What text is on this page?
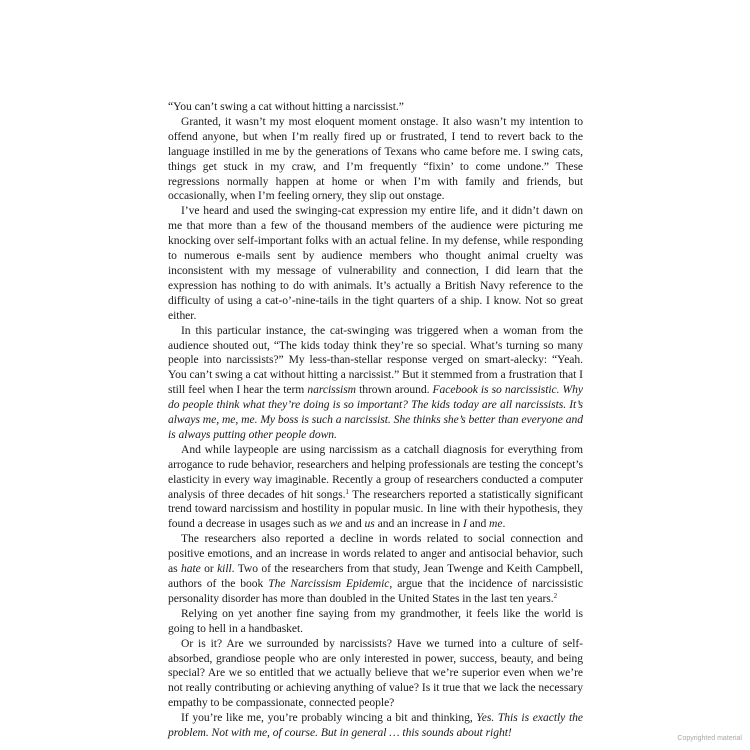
“You can’t swing a cat without hitting a narcissist.”

Granted, it wasn’t my most eloquent moment onstage. It also wasn’t my intention to offend anyone, but when I’m really fired up or frustrated, I tend to revert back to the language instilled in me by the generations of Texans who came before me. I swing cats, things get stuck in my craw, and I’m frequently “fixin’ to come undone.” These regressions normally happen at home or when I’m with family and friends, but occasionally, when I’m feeling ornery, they slip out onstage.

I’ve heard and used the swinging-cat expression my entire life, and it didn’t dawn on me that more than a few of the thousand members of the audience were picturing me knocking over self-important folks with an actual feline. In my defense, while responding to numerous e-mails sent by audience members who thought animal cruelty was inconsistent with my message of vulnerability and connection, I did learn that the expression has nothing to do with animals. It’s actually a British Navy reference to the difficulty of using a cat-o’-nine-tails in the tight quarters of a ship. I know. Not so great either.

In this particular instance, the cat-swinging was triggered when a woman from the audience shouted out, “The kids today think they’re so special. What’s turning so many people into narcissists?” My less-than-stellar response verged on smart-alecky: “Yeah. You can’t swing a cat without hitting a narcissist.” But it stemmed from a frustration that I still feel when I hear the term narcissism thrown around. Facebook is so narcissistic. Why do people think what they’re doing is so important? The kids today are all narcissists. It’s always me, me, me. My boss is such a narcissist. She thinks she’s better than everyone and is always putting other people down.

And while laypeople are using narcissism as a catchall diagnosis for everything from arrogance to rude behavior, researchers and helping professionals are testing the concept’s elasticity in every way imaginable. Recently a group of researchers conducted a computer analysis of three decades of hit songs.$^1$ The researchers reported a statistically significant trend toward narcissism and hostility in popular music. In line with their hypothesis, they found a decrease in usages such as we and us and an increase in I and me.

The researchers also reported a decline in words related to social connection and positive emotions, and an increase in words related to anger and antisocial behavior, such as hate or kill. Two of the researchers from that study, Jean Twenge and Keith Campbell, authors of the book The Narcissism Epidemic, argue that the incidence of narcissistic personality disorder has more than doubled in the United States in the last ten years.$^2$

Relying on yet another fine saying from my grandmother, it feels like the world is going to hell in a handbasket.

Or is it? Are we surrounded by narcissists? Have we turned into a culture of self-absorbed, grandiose people who are only interested in power, success, beauty, and being special? Are we so entitled that we actually believe that we’re superior even when we’re not really contributing or achieving anything of value? Is it true that we lack the necessary empathy to be compassionate, connected people?

If you’re like me, you’re probably wincing a bit and thinking, Yes. This is exactly the problem. Not with me, of course. But in general … this sounds about right!	Copyrighted material
